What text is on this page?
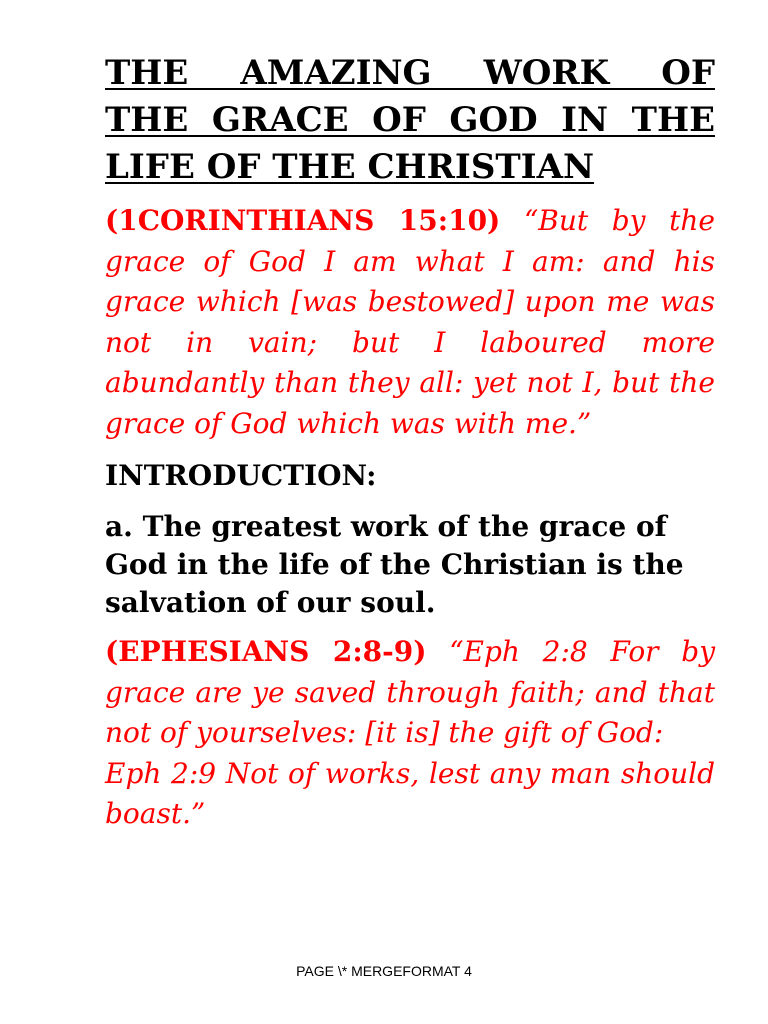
THE AMAZING WORK OF
THE GRACE OF GOD IN THE
LIFE OF THE CHRISTIAN

(1CORINTHIANS 15:10) “But by the grace of God I am what I am: and his grace which [was bestowed] upon me was not in vain; but I laboured more abundantly than they all: yet not I, but the grace of God which was with me.”

INTRODUCTION:

a. The greatest work of the grace of God in the life of the Christian is the salvation of our soul.

(EPHESIANS 2:8-9) “Eph 2:8 For by grace are ye saved through faith; and that not of yourselves: [it is] the gift of God:
Eph 2:9 Not of works, lest any man should boast.”

PAGE \* MERGEFORMAT 4
